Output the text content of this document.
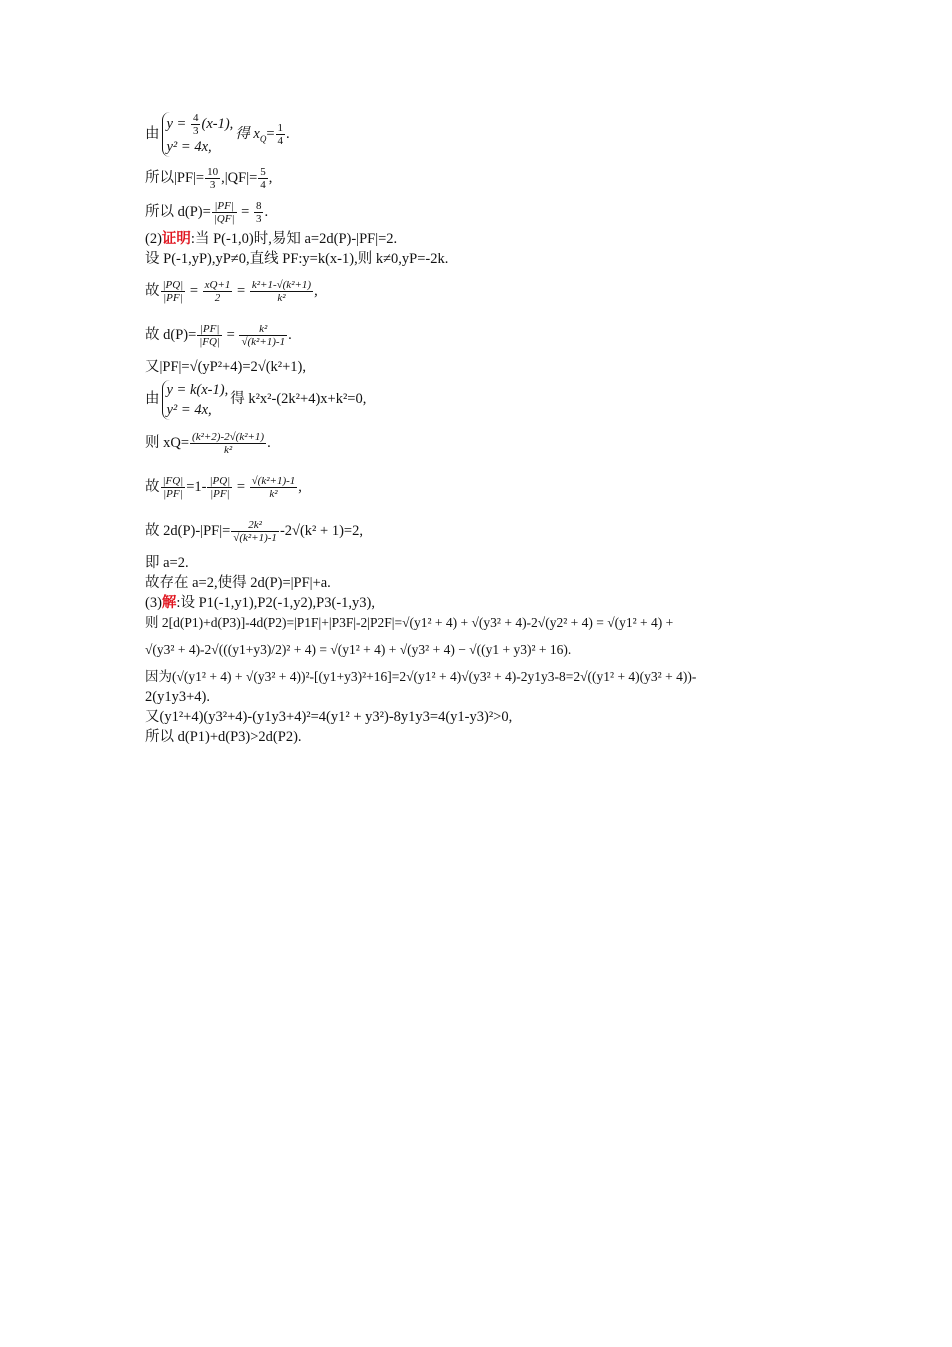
由
$y = \frac{4}{3} (x-1)$,
y² = 4x,
得 $x_Q= \frac{1}{4}$ .
所以$|PF|= \frac{10}{3} ,|QF|= \frac{5}{4}$ ,
所以 $d(P)= \frac{|PF|}{|QF|} = \frac{8}{3}$ .
(2)证明:当 P(-1,0)时,易知 a=2d(P)-|PF|=2.
设 P(-1,yP),yP≠0,直线 PF:y=k(x-1),则 k≠0,yP=-2k.
故 $\frac{|PQ|}{|PF|} = \frac{xQ+1}{2} = \frac{\text{k²+1-√(k²+1)}}{\text{k²}}$ ,
故 $d(P)= \frac{|PF|}{|FQ|} = \frac{\text{k²}}{\text{√(k²+1)-1}}$ .
又|PF|=√(yP²+4)=2√(k²+1),
由
y = k(x-1),
y² = 4x,
得 k²x²-(2k²+4)x+k²=0,
则 $xQ= \frac{\text{(k²+2)-2√(k²+1)}}{\text{k²}}$ .
故 $\frac{|FQ|}{|PF|} =1- \frac{|PQ|}{|PF|} = \frac{\text{√(k²+1)-1}}{\text{k²}}$ ,
故 $2d(P)-|PF|= \frac{\text{2k²}}{\text{√(k²+1)-1}} -2√(k^2 + 1)=2$,
即 a=2.
故存在 a=2,使得 2d(P)=|PF|+a.
(3)解:设 P1(-1,y1),P2(-1,y2),P3(-1,y3),
则 2[d(P1)+d(P3)]-4d(P2)=|P1F|+|P3F|-2|P2F|=√(y1² + 4) + √(y3² + 4)-2√(y2² + 4) = √(y1² + 4) +
√(y3² + 4)-2√(((y1+y3)/2)² + 4) = √(y1² + 4) + √(y3² + 4) − √((y1 + y3)² + 16).
因为(√(y1² + 4) + √(y3² + 4))²-[(y1+y3)²+16]=2√(y1² + 4)√(y3² + 4)-2y1y3-8=2√((y1² + 4)(y3² + 4))-
2(y1y3+4).
又(y1²+4)(y3²+4)-(y1y3+4)²=4(y1² + y3²)-8y1y3=4(y1-y3)²>0,
所以 d(P1)+d(P3)>2d(P2).
